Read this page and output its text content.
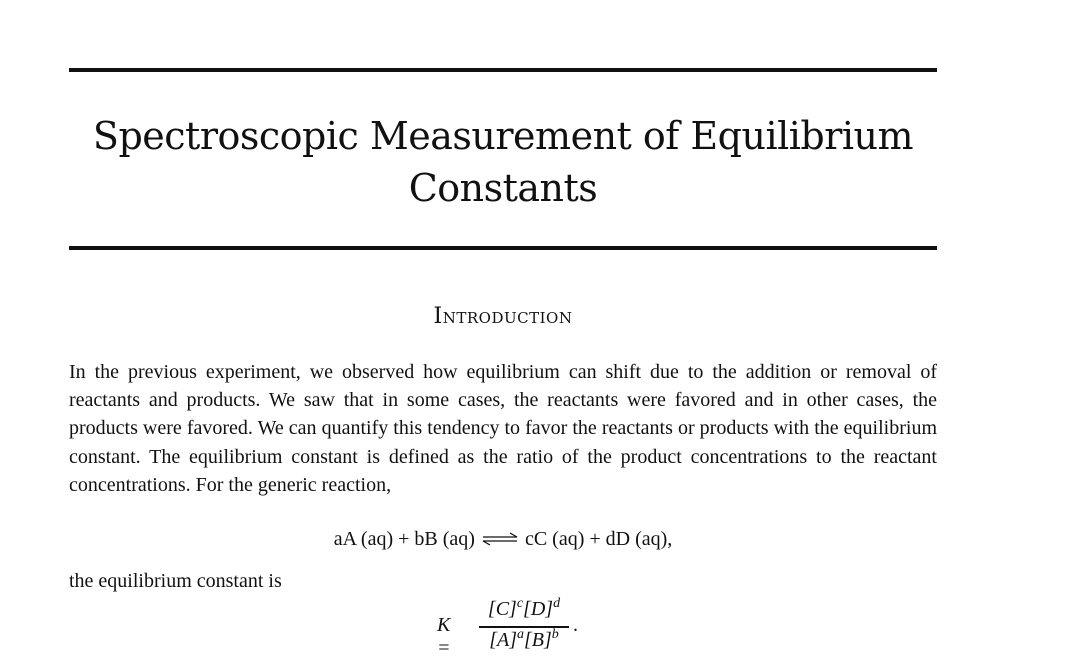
Spectroscopic Measurement of Equilibrium
Constants
Introduction
In the previous experiment, we observed how equilibrium can shift due to the addition or removal of reactants and products. We saw that in some cases, the reactants were favored and in other cases, the products were favored. We can quantify this tendency to favor the reactants or products with the equilibrium constant. The equilibrium constant is defined as the ratio of the product concentrations to the reactant concentrations. For the generic reaction,
aA (aq) + bB (aq) ⇌ cC (aq) + dD (aq),
the equilibrium constant is
K =
$[C]^c[D]^d$
$[A]^a[B]^b$ .
